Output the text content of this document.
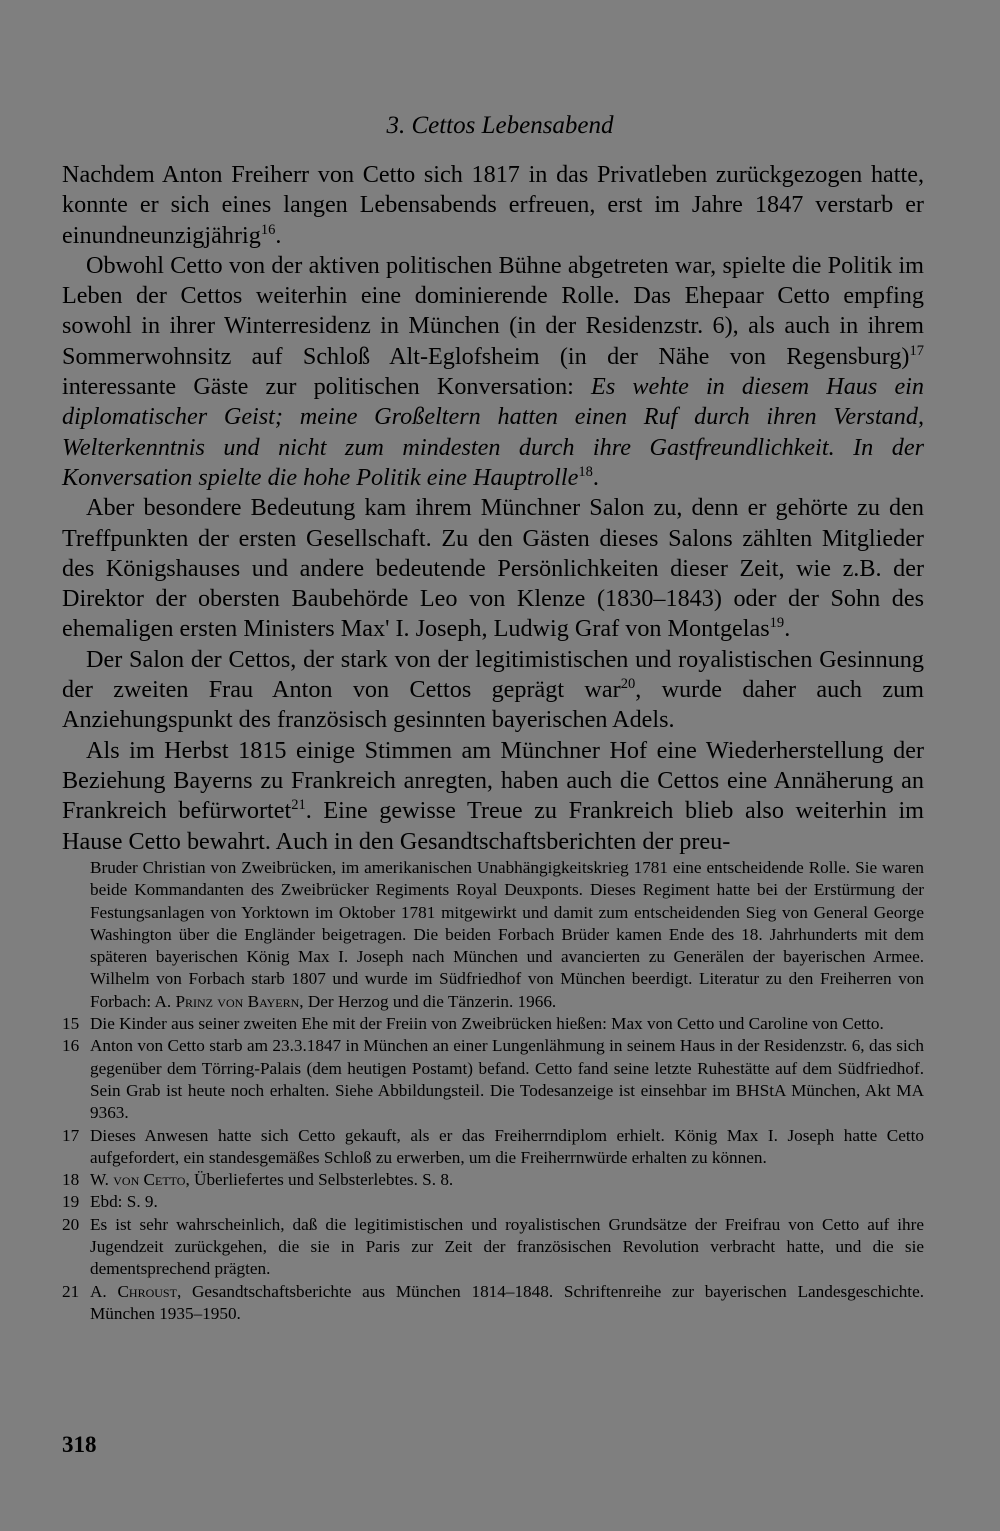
3. Cettos Lebensabend

Nachdem Anton Freiherr von Cetto sich 1817 in das Privatleben zurückgezogen hatte, konnte er sich eines langen Lebensabends erfreuen, erst im Jahre 1847 verstarb er einundneunzigjährig$^{16}$.

Obwohl Cetto von der aktiven politischen Bühne abgetreten war, spielte die Politik im Leben der Cettos weiterhin eine dominierende Rolle. Das Ehepaar Cetto empfing sowohl in ihrer Winterresidenz in München (in der Residenzstr. 6), als auch in ihrem Sommerwohnsitz auf Schloß Alt-Eglofsheim (in der Nähe von Regensburg)$^{17}$ interessante Gäste zur politischen Konversation: Es wehte in diesem Haus ein diplomatischer Geist; meine Großeltern hatten einen Ruf durch ihren Verstand, Welterkenntnis und nicht zum mindesten durch ihre Gastfreundlichkeit. In der Konversation spielte die hohe Politik eine Hauptrolle$^{18}$.

Aber besondere Bedeutung kam ihrem Münchner Salon zu, denn er gehörte zu den Treffpunkten der ersten Gesellschaft. Zu den Gästen dieses Salons zählten Mitglieder des Königshauses und andere bedeutende Persönlichkeiten dieser Zeit, wie z.B. der Direktor der obersten Baubehörde Leo von Klenze (1830–1843) oder der Sohn des ehemaligen ersten Ministers Max' I. Joseph, Ludwig Graf von Montgelas$^{19}$.

Der Salon der Cettos, der stark von der legitimistischen und royalistischen Gesinnung der zweiten Frau Anton von Cettos geprägt war$^{20}$, wurde daher auch zum Anziehungspunkt des französisch gesinnten bayerischen Adels.

Als im Herbst 1815 einige Stimmen am Münchner Hof eine Wiederherstellung der Beziehung Bayerns zu Frankreich anregten, haben auch die Cettos eine Annäherung an Frankreich befürwortet$^{21}$. Eine gewisse Treue zu Frankreich blieb also weiterhin im Hause Cetto bewahrt. Auch in den Gesandtschaftsberichten der preu-

Bruder Christian von Zweibrücken, im amerikanischen Unabhängigkeitskrieg 1781 eine entscheidende Rolle. Sie waren beide Kommandanten des Zweibrücker Regiments Royal Deuxponts. Dieses Regiment hatte bei der Erstürmung der Festungsanlagen von Yorktown im Oktober 1781 mitgewirkt und damit zum entscheidenden Sieg von General George Washington über die Engländer beigetragen. Die beiden Forbach Brüder kamen Ende des 18. Jahrhunderts mit dem späteren bayerischen König Max I. Joseph nach München und avancierten zu Generälen der bayerischen Armee. Wilhelm von Forbach starb 1807 und wurde im Südfriedhof von München beerdigt. Literatur zu den Freiherren von Forbach: A. Prinz von Bayern, Der Herzog und die Tänzerin. 1966.
15 Die Kinder aus seiner zweiten Ehe mit der Freiin von Zweibrücken hießen: Max von Cetto und Caroline von Cetto.
16 Anton von Cetto starb am 23.3.1847 in München an einer Lungenlähmung in seinem Haus in der Residenzstr. 6, das sich gegenüber dem Törring-Palais (dem heutigen Postamt) befand. Cetto fand seine letzte Ruhestätte auf dem Südfriedhof. Sein Grab ist heute noch erhalten. Siehe Abbildungsteil. Die Todesanzeige ist einsehbar im BHStA München, Akt MA 9363.
17 Dieses Anwesen hatte sich Cetto gekauft, als er das Freiherrndiplom erhielt. König Max I. Joseph hatte Cetto aufgefordert, ein standesgemäßes Schloß zu erwerben, um die Freiherrnwürde erhalten zu können.
18 W. von Cetto, Überliefertes und Selbsterlebtes. S. 8.
19 Ebd: S. 9.
20 Es ist sehr wahrscheinlich, daß die legitimistischen und royalistischen Grundsätze der Freifrau von Cetto auf ihre Jugendzeit zurückgehen, die sie in Paris zur Zeit der französischen Revolution verbracht hatte, und die sie dementsprechend prägten.
21 A. Chroust, Gesandtschaftsberichte aus München 1814–1848. Schriftenreihe zur bayerischen Landesgeschichte. München 1935–1950.
318
